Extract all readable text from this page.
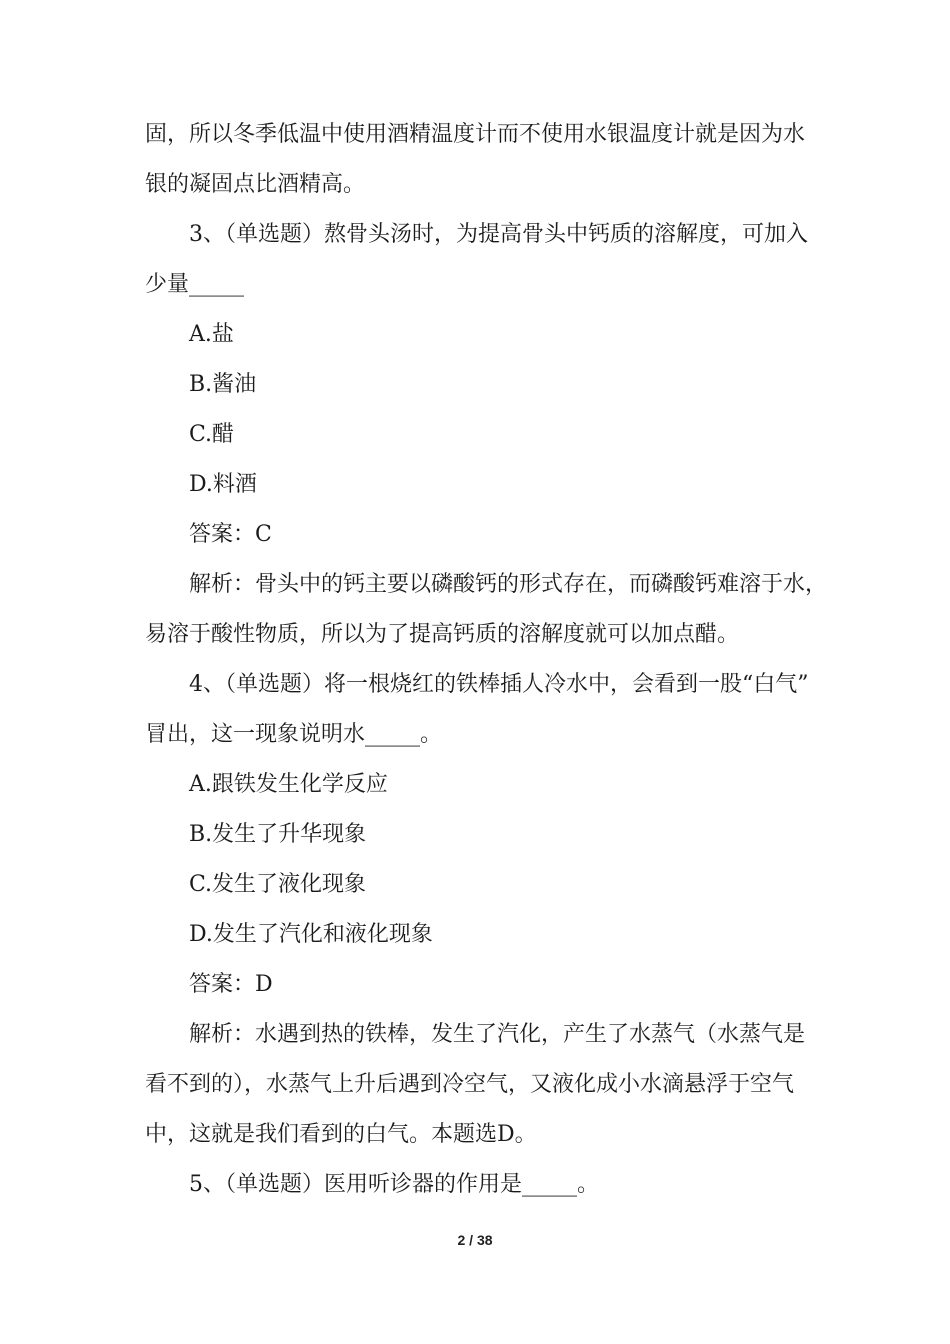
固，所以冬季低温中使用酒精温度计而不使用水银温度计就是因为水
银的凝固点比酒精高。
3、（单选题）熬骨头汤时，为提高骨头中钙质的溶解度，可加入
少量_____
A.盐
B.酱油
C.醋
D.料酒
答案：C
解析：骨头中的钙主要以磷酸钙的形式存在，而磷酸钙难溶于水，
易溶于酸性物质，所以为了提高钙质的溶解度就可以加点醋。
4、（单选题）将一根烧红的铁棒插人冷水中，会看到一股“白气”
冒出，这一现象说明水_____。
A.跟铁发生化学反应
B.发生了升华现象
C.发生了液化现象
D.发生了汽化和液化现象
答案：D
解析：水遇到热的铁棒，发生了汽化，产生了水蒸气（水蒸气是
看不到的），水蒸气上升后遇到冷空气，又液化成小水滴悬浮于空气
中，这就是我们看到的白气。本题选D。
5、（单选题）医用听诊器的作用是_____。
2 / 38
